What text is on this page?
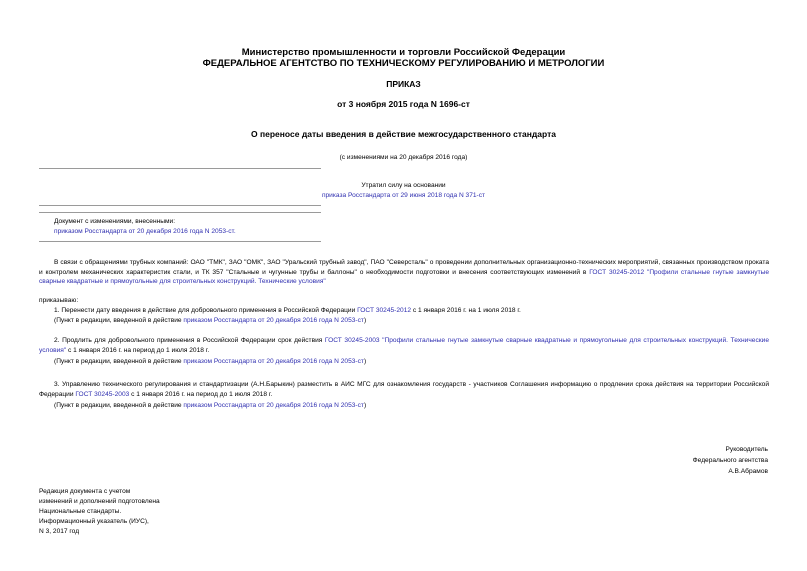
Министерство промышленности и торговли Российской Федерации
ФЕДЕРАЛЬНОЕ АГЕНТСТВО ПО ТЕХНИЧЕСКОМУ РЕГУЛИРОВАНИЮ И МЕТРОЛОГИИ
ПРИКАЗ
от 3 ноября 2015 года N 1696-ст
О переносе даты введения в действие межгосударственного стандарта
(с изменениями на 20 декабря 2016 года)
Утратил силу на основании
приказа Росстандарта от 29 июня 2018 года N 371-ст
Документ с изменениями, внесенными:
приказом Росстандарта от 20 декабря 2016 года N 2053-ст.
В связи с обращениями трубных компаний: ОАО "ТМК", ЗАО "ОМК", ЗАО "Уральский трубный завод", ПАО "Северсталь" о проведении дополнительных организационно-технических мероприятий, связанных производством проката и контролем механических характеристик стали, и ТК 357 "Стальные и чугунные трубы и баллоны" о необходимости подготовки и внесения соответствующих изменений в ГОСТ 30245-2012 "Профили стальные гнутые замкнутые сварные квадратные и прямоугольные для строительных конструкций. Технические условия"
приказываю:
1. Перенести дату введения в действие для добровольного применения в Российской Федерации ГОСТ 30245-2012 с 1 января 2016 г. на 1 июля 2018 г.
(Пункт в редакции, введенной в действие приказом Росстандарта от 20 декабря 2016 года N 2053-ст)
2. Продлить для добровольного применения в Российской Федерации срок действия ГОСТ 30245-2003 "Профили стальные гнутые замкнутые сварные квадратные и прямоугольные для строительных конструкций. Технические условия" с 1 января 2016 г. на период до 1 июля 2018 г.
(Пункт в редакции, введенной в действие приказом Росстандарта от 20 декабря 2016 года N 2053-ст)
3. Управлению технического регулирования и стандартизации (А.Н.Барыкин) разместить в АИС МГС для ознакомления государств - участников Соглашения информацию о продлении срока действия на территории Российской Федерации ГОСТ 30245-2003 с 1 января 2016 г. на период до 1 июля 2018 г.
(Пункт в редакции, введенной в действие приказом Росстандарта от 20 декабря 2016 года N 2053-ст)
Руководитель
Федерального агентства
А.В.Абрамов
Редакция документа с учетом
изменений и дополнений подготовлена
Национальные стандарты.
Информационный указатель (ИУС),
N 3, 2017 год
